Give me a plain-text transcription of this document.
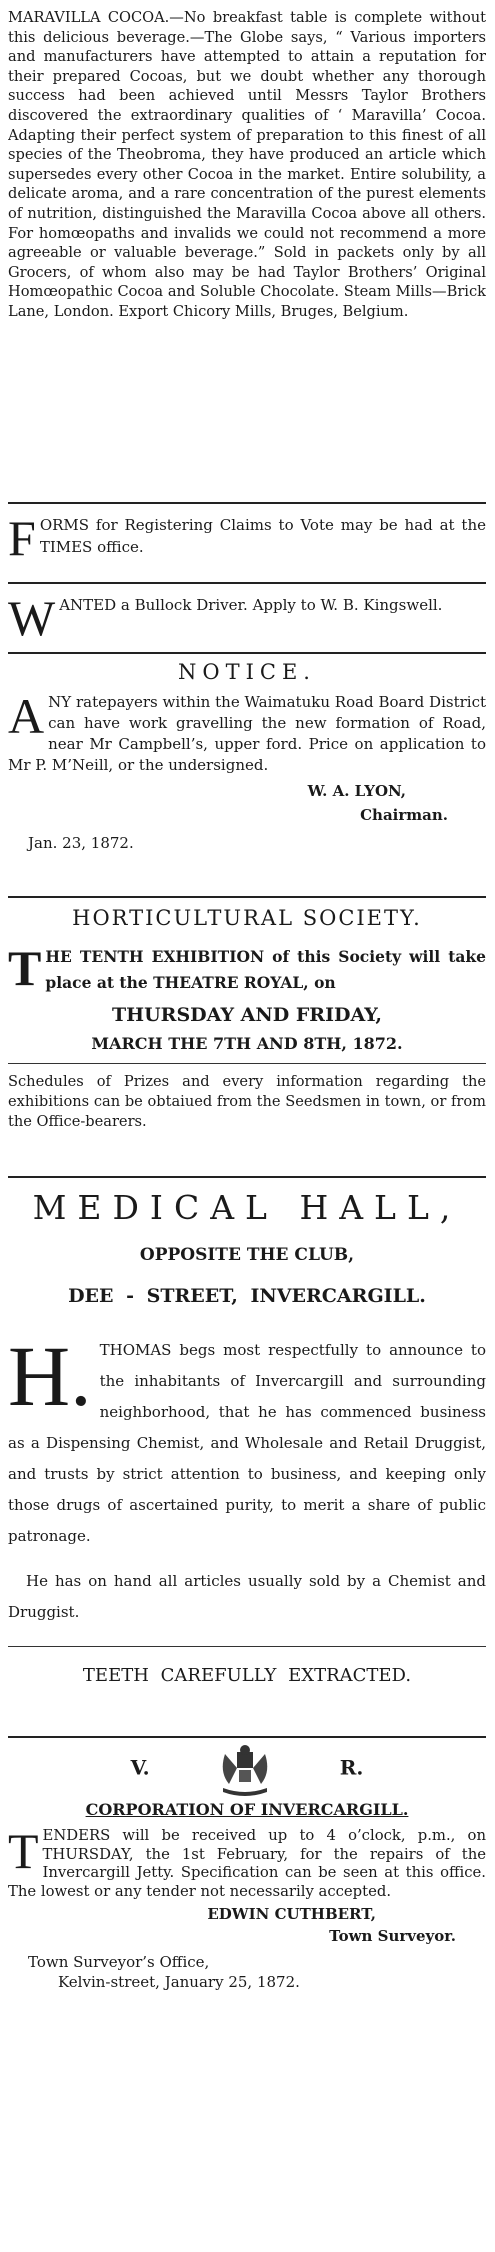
MARAVILLA COCOA.—No breakfast table is complete without this delicious beverage.—The Globe says, “ Various importers and manufacturers have attempted to attain a reputation for their prepared Cocoas, but we doubt whether any thorough success had been achieved until Messrs Taylor Brothers discovered the extraordinary qualities of ‘ Maravilla’ Cocoa. Adapting their perfect system of preparation to this finest of all species of the Theobroma, they have produced an article which supersedes every other Cocoa in the market. Entire solubility, a delicate aroma, and a rare concentration of the purest elements of nutrition, distinguished the Maravilla Cocoa above all others. For homœopaths and invalids we could not recommend a more agreeable or valuable beverage.” Sold in packets only by all Grocers, of whom also may be had Taylor Brothers’ Original Homœopathic Cocoa and Soluble Chocolate. Steam Mills—Brick Lane, London. Export Chicory Mills, Bruges, Belgium.
F ORMS for Registering Claims to Vote may be had at the TIMES office.
W ANTED a Bullock Driver. Apply to W. B. Kingswell.
NOTICE.
A NY ratepayers within the Waimatuku Road Board District can have work gravelling the new formation of Road, near Mr Campbell’s, upper ford. Price on application to Mr P. M’Neill, or the undersigned.
W. A. LYON,
Chairman.
Jan. 23, 1872.
HORTICULTURAL SOCIETY.
T HE TENTH EXHIBITION of this Society will take place at the THEATRE ROYAL, on
THURSDAY AND FRIDAY,
MARCH THE 7TH AND 8TH, 1872.
Schedules of Prizes and every information regarding the exhibitions can be obtaiued from the Seedsmen in town, or from the Office-bearers.
MEDICAL HALL,
OPPOSITE THE CLUB,
DEE - STREET, INVERCARGILL.
H. THOMAS begs most respectfully to announce to the inhabitants of Invercargill and surrounding neighborhood, that he has commenced business as a Dispensing Chemist, and Wholesale and Retail Druggist, and trusts by strict attention to business, and keeping only those drugs of ascertained purity, to merit a share of public patronage.
He has on hand all articles usually sold by a Chemist and Druggist.
TEETH CAREFULLY EXTRACTED.
V.	R.
CORPORATION OF INVERCARGILL.
T ENDERS will be received up to 4 o’clock, p.m., on THURSDAY, the 1st February, for the repairs of the Invercargill Jetty. Specification can be seen at this office. The lowest or any tender not necessarily accepted.
EDWIN CUTHBERT,
Town Surveyor.
Town Surveyor’s Office,
Kelvin-street, January 25, 1872.
